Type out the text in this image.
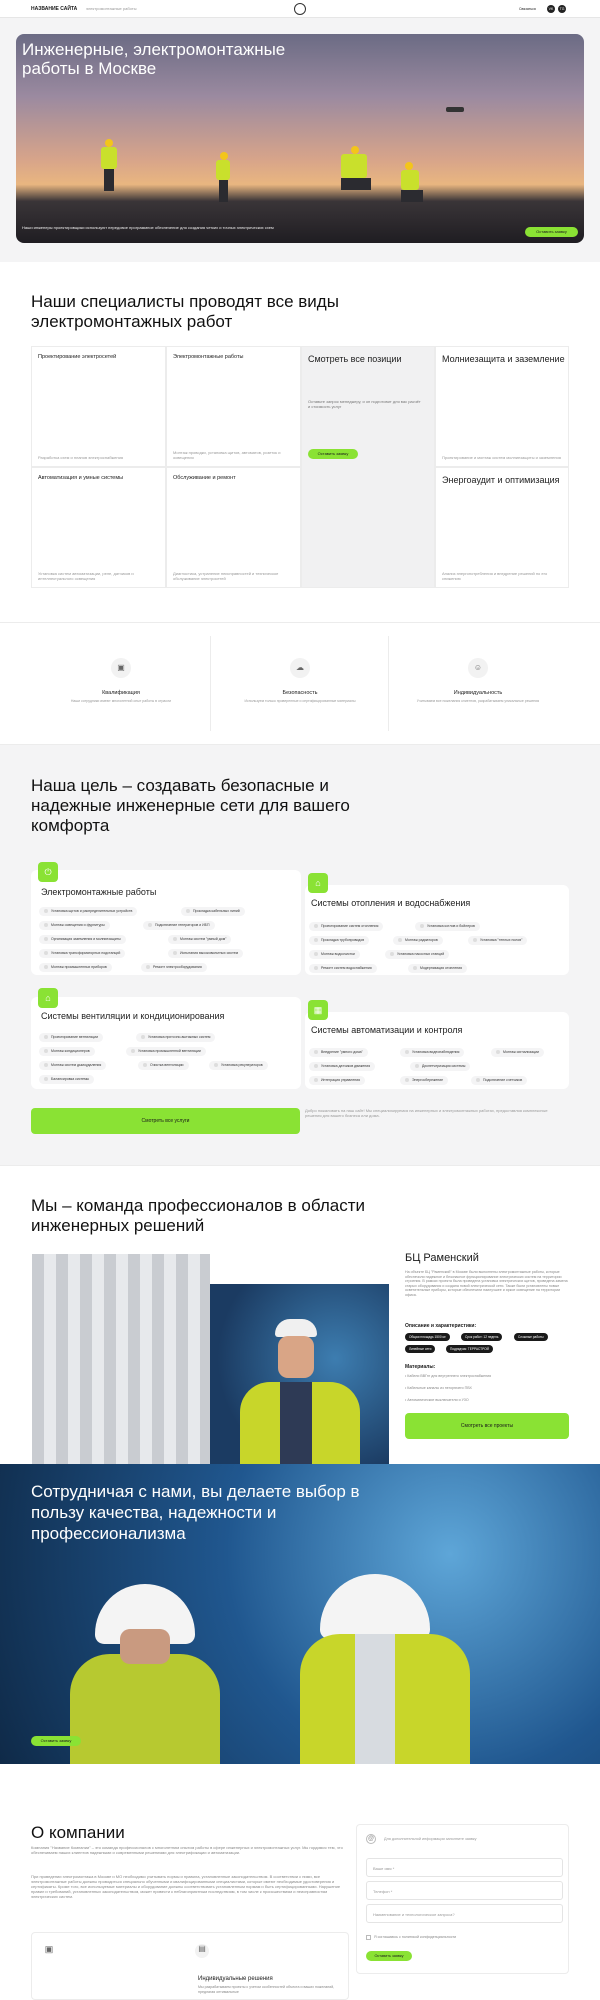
НАЗВАНИЕ САЙТА электромонтажные работы	Связаться	VK	TG
Инженерные, электромонтажные работы в Москве
Наши инженеры проектировщики используют передовое программное обеспечение для создания четких и точных электрических схем
Оставить заявку
Наши специалисты проводят все виды электромонтажных работ
Проектирование электросетей
Разработка схем и планов электроснабжения
Электромонтажные работы
Монтаж проводки, установка щитов, автоматов, розеток и освещения
Автоматизация и умные системы
Установка систем автоматизации, реле, датчиков и интеллектуального освещения
Обслуживание и ремонт
Диагностика, устранение неисправностей и техническое обслуживание электросетей
Смотреть все позиции
Оставьте запрос менеджеру, и он подготовит для вас расчёт и стоимость услуг
Оставить заявку
Молниезащита и заземление
Проектирование и монтаж систем молниезащиты и заземления
Энергоаудит и оптимизация
Анализ энергопотребления и внедрение решений по его снижению
▣
Квалификация
Наши сотрудники имеют многолетний опыт работы в отрасли
☁
Безопасность
Используем только проверенные и сертифицированные материалы
☺
Индивидуальность
Учитываем все пожелания клиентов, разрабатываем уникальные решения
Наша цель – создавать безопасные и надежные инженерные сети для вашего комфорта
⏻
Электромонтажные работы
Установка щитов и распределительных устройств	Прокладка кабельных линий
Монтаж освещения и фурнитуры	Подключение генераторов и ИБП
Организация заземления и молниезащиты	Монтаж систем "умный дом"
Установка трансформаторных подстанций	Испытания высоковольтных систем
Монтаж промышленных приборов	Ремонт электрооборудования
⌂
Системы отопления и водоснабжения
Проектирование систем отопления	Установка котлов и бойлеров
Прокладка трубопроводов	Монтаж радиаторов	Установка "теплых полов"
Монтаж водоочистки	Установка насосных станций
Ремонт систем водоснабжения	Модернизация отопления
⌂
Системы вентиляции и кондиционирования
Проектирование вентиляции	Установка приточно-вытяжных систем
Монтаж кондиционеров	Установка промышленной вентиляции
Монтаж систем дымоудаления	Очистка вентиляции	Установка рекуператоров
Балансировка системы
▦
Системы автоматизации и контроля
Внедрение "умного дома"	Установка видеонаблюдения	Монтаж сигнализации
Установка датчиков движения	Диспетчеризация системы
Интеграция управления	Энергосбережение	Подключение счетчиков
Смотреть все услуги
Добро пожаловать на наш сайт! Мы специализируемся на инженерных и электромонтажных работах, предоставляя комплексные решения для вашего бизнеса или дома.
Мы – команда профессионалов в области инженерных решений
БЦ Раменский
На объекте БЦ "Раменский" в Москве были выполнены электромонтажные работы, которые обеспечили надежное и безопасное функционирование электрических систем на территории строения. В рамках проекта была проведена установка электрических щитов, проведена замена старых оборудования и создана новой электрической сети. Также были установлены новые осветительные приборы, которые обеспечили наилучшее и яркое освещение на территории офиса.
Описание и характеристики:
Общая площадь 1500 м²	Срок работ: 12 недель	Сложные работы
Линейные сети	Подрядчик: ТЕРРАСТРОЙ
Материалы:
• Кабели ВВГнг для внутреннего электроснабжения
• Кабельные каналы из негорючего ПВХ
• Автоматические выключатели и УЗО
Смотреть все проекты
Сотрудничая с нами, вы делаете выбор в пользу качества, надежности и профессионализма
Оставить заявку
О компании
Компания "Название Компании" – это команда профессионалов с многолетним опытом работы в сфере инженерных и электромонтажных услуг. Мы гордимся тем, что обеспечиваем наших клиентов надежными и современными решениями для электрификации и автоматизации.
При проведении электромонтажа в Москве и МО необходимо учитывать нормы и правила, установленные законодательством. В соответствии с ними, все электромонтажные работы должны проводиться специально обученными и квалифицированными специалистами, которые имеют необходимые удостоверения и сертификаты. Кроме того, все используемые материалы и оборудование должны соответствовать установленным нормам и быть сертифицированными. Нарушение правил и требований, установленных законодательством, может привести к неблагоприятным последствиям, в том числе к происшествиям и неисправностям электрических систем.
▣	▤
Индивидуальные решения
Мы разрабатываем проекты с учетом особенностей объекта и ваших пожеланий, предлагая оптимальные
@	Для дополнительной информации заполните заявку
Ваше имя *
Телефон *
Наименование и технологическое запроса?
Я соглашаюсь с политикой конфиденциальности
Оставить заявку
